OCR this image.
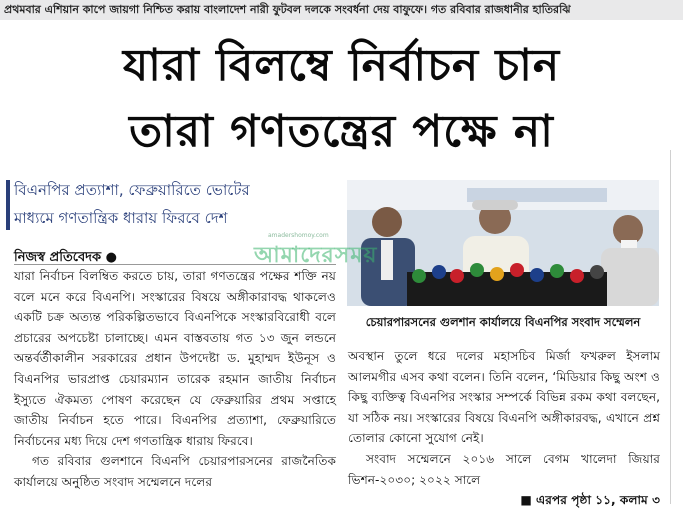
প্রথমবার এশিয়ান কাপে জায়গা নিশ্চিত করায় বাংলাদেশ নারী ফুটবল দলকে সংবর্ধনা দেয় বাফুফে। গত রবিবার রাজধানীর হাতিরঝি
যারা বিলম্বে নির্বাচন চান
তারা গণতন্ত্রের পক্ষে না
বিএনপির প্রত্যাশা, ফেব্রুয়ারিতে ভোটের
মাধ্যমে গণতান্ত্রিক ধারায় ফিরবে দেশ
নিজস্ব প্রতিবেদক ●

যারা নির্বাচন বিলম্বিত করতে চায়, তারা গণতন্ত্রের পক্ষের শক্তি নয় বলে মনে করে বিএনপি। সংস্কারের বিষয়ে অঙ্গীকারাবদ্ধ থাকলেও একটি চক্র অত্যন্ত পরিকল্পিতভাবে বিএনপিকে সংস্কারবিরোধী বলে প্রচারের অপচেষ্টা চালাচ্ছে। এমন বাস্তবতায় গত ১৩ জুন লন্ডনে অন্তর্বর্তীকালীন সরকারের প্রধান উপদেষ্টা ড. মুহাম্মদ ইউনূস ও বিএনপির ভারপ্রাপ্ত চেয়ারম্যান তারেক রহমান জাতীয় নির্বাচন ইস্যুতে ঐকমত্য পোষণ করেছেন যে ফেব্রুয়ারির প্রথম সপ্তাহে জাতীয় নির্বাচন হতে পারে। বিএনপির প্রত্যাশা, ফেব্রুয়ারিতে নির্বাচনের মধ্য দিয়ে দেশ গণতান্ত্রিক ধারায় ফিরবে।

গত রবিবার গুলশানে বিএনপি চেয়ারপারসনের রাজনৈতিক কার্যালয়ে অনুষ্ঠিত সংবাদ সম্মেলনে দলের

চেয়ারপারসনের গুলশান কার্যালয়ে বিএনপির সংবাদ সম্মেলন

অবস্থান তুলে ধরে দলের মহাসচিব মির্জা ফখরুল ইসলাম আলমগীর এসব কথা বলেন। তিনি বলেন, ‘মিডিয়ার কিছু অংশ ও কিছু ব্যক্তিত্ব বিএনপির সংস্কার সম্পর্কে বিভিন্ন রকম কথা বলছেন, যা সঠিক নয়। সংস্কারের বিষয়ে বিএনপি অঙ্গীকারবদ্ধ, এখানে প্রশ্ন তোলার কোনো সুযোগ নেই।

সংবাদ সম্মেলনে ২০১৬ সালে বেগম খালেদা জিয়ার ভিশন-২০৩০; ২০২২ সালে

■ এরপর পৃষ্ঠা ১১, কলাম ৩

amadershomoy.com
আমাদেরসময়
